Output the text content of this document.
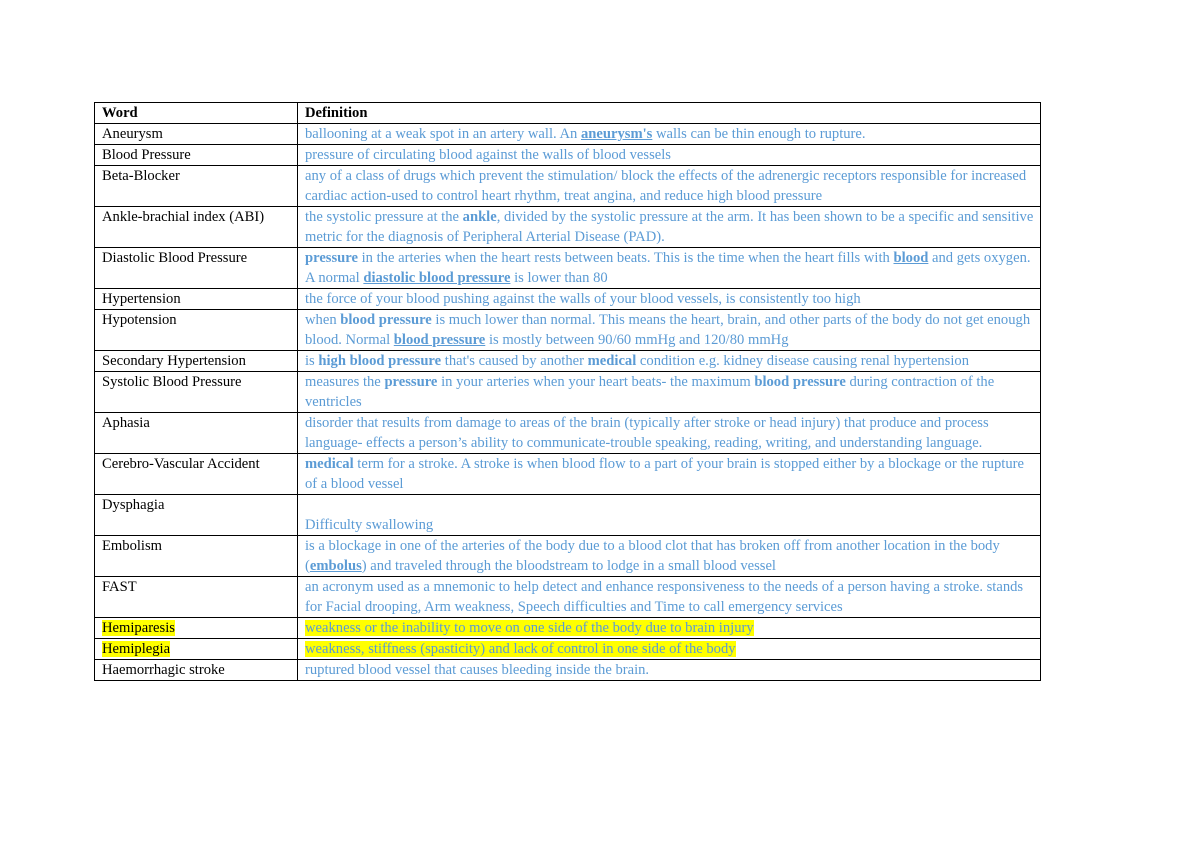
Word	Definition
Aneurysm	ballooning at a weak spot in an artery wall. An aneurysm's walls can be thin enough to rupture.
Blood Pressure	pressure of circulating blood against the walls of blood vessels
Beta-Blocker	any of a class of drugs which prevent the stimulation/ block the effects of the adrenergic receptors responsible for increased cardiac action-used to control heart rhythm, treat angina, and reduce high blood pressure
Ankle-brachial index (ABI)	the systolic pressure at the ankle, divided by the systolic pressure at the arm. It has been shown to be a specific and sensitive metric for the diagnosis of Peripheral Arterial Disease (PAD).
Diastolic Blood Pressure	pressure in the arteries when the heart rests between beats. This is the time when the heart fills with blood and gets oxygen. A normal diastolic blood pressure is lower than 80
Hypertension	the force of your blood pushing against the walls of your blood vessels, is consistently too high
Hypotension	when blood pressure is much lower than normal. This means the heart, brain, and other parts of the body do not get enough blood. Normal blood pressure is mostly between 90/60 mmHg and 120/80 mmHg
Secondary Hypertension	is high blood pressure that's caused by another medical condition e.g. kidney disease causing renal hypertension
Systolic Blood Pressure	measures the pressure in your arteries when your heart beats- the maximum blood pressure during contraction of the ventricles
Aphasia	disorder that results from damage to areas of the brain (typically after stroke or head injury) that produce and process language- effects a person’s ability to communicate-trouble speaking, reading, writing, and understanding language.
Cerebro-Vascular Accident	medical term for a stroke. A stroke is when blood flow to a part of your brain is stopped either by a blockage or the rupture of a blood vessel
Dysphagia	Difficulty swallowing
Embolism	is a blockage in one of the arteries of the body due to a blood clot that has broken off from another location in the body (embolus) and traveled through the bloodstream to lodge in a small blood vessel
FAST	an acronym used as a mnemonic to help detect and enhance responsiveness to the needs of a person having a stroke. stands for Facial drooping, Arm weakness, Speech difficulties and Time to call emergency services
Hemiparesis	weakness or the inability to move on one side of the body due to brain injury
Hemiplegia	weakness, stiffness (spasticity) and lack of control in one side of the body
Haemorrhagic stroke	ruptured blood vessel that causes bleeding inside the brain.
